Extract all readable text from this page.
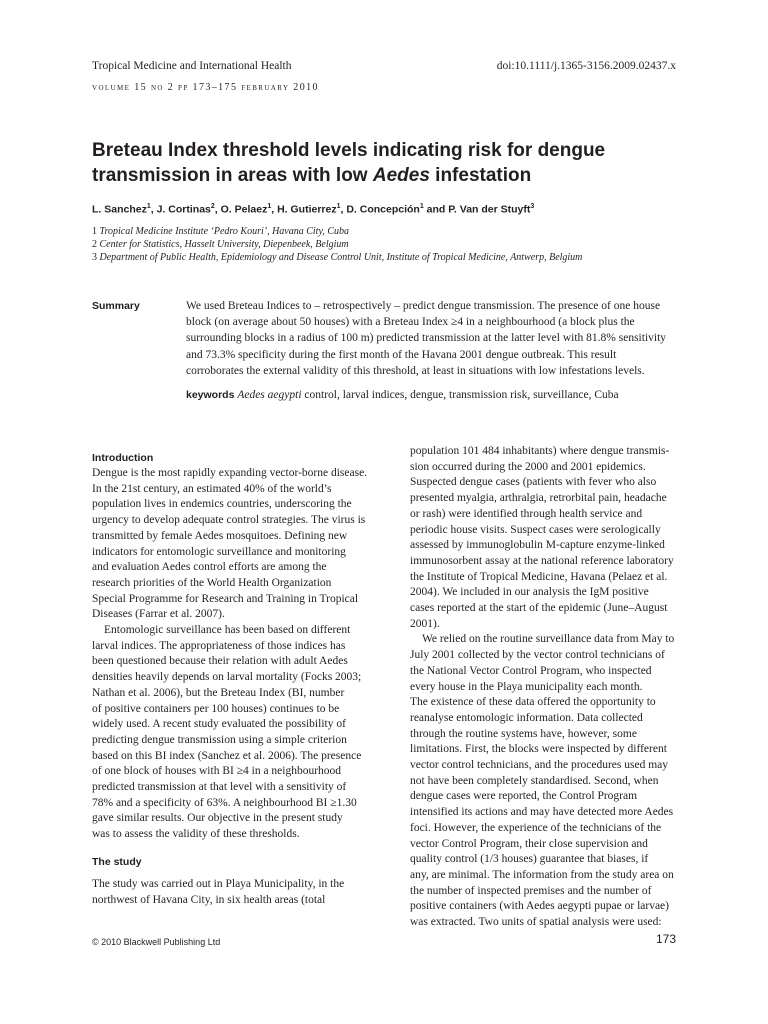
Tropical Medicine and International Health	doi:10.1111/j.1365-3156.2009.02437.x
volume 15 no 2 pp 173–175 february 2010
Breteau Index threshold levels indicating risk for dengue
transmission in areas with low Aedes infestation
L. Sanchez$^1$, J. Cortinas$^2$, O. Pelaez$^1$, H. Gutierrez$^1$, D. Concepción$^1$ and P. Van der Stuyft$^3$
1 Tropical Medicine Institute ‘Pedro Kouri’, Havana City, Cuba
2 Center for Statistics, Hasselt University, Diepenbeek, Belgium
3 Department of Public Health, Epidemiology and Disease Control Unit, Institute of Tropical Medicine, Antwerp, Belgium
Summary	We used Breteau Indices to – retrospectively – predict dengue transmission. The presence of one house
block (on average about 50 houses) with a Breteau Index ≥4 in a neighbourhood (a block plus the
surrounding blocks in a radius of 100 m) predicted transmission at the latter level with 81.8% sensitivity
and 73.3% specificity during the first month of the Havana 2001 dengue outbreak. This result
corroborates the external validity of this threshold, at least in situations with low infestations levels.
keywords Aedes aegypti control, larval indices, dengue, transmission risk, surveillance, Cuba
Introduction
Dengue is the most rapidly expanding vector-borne disease.
In the 21st century, an estimated 40% of the world’s
population lives in endemics countries, underscoring the
urgency to develop adequate control strategies. The virus is
transmitted by female Aedes mosquitoes. Defining new
indicators for entomologic surveillance and monitoring
and evaluation Aedes control efforts are among the
research priorities of the World Health Organization
Special Programme for Research and Training in Tropical
Diseases (Farrar et al. 2007).
Entomologic surveillance has been based on different
larval indices. The appropriateness of those indices has
been questioned because their relation with adult Aedes
densities heavily depends on larval mortality (Focks 2003;
Nathan et al. 2006), but the Breteau Index (BI, number
of positive containers per 100 houses) continues to be
widely used. A recent study evaluated the possibility of
predicting dengue transmission using a simple criterion
based on this BI index (Sanchez et al. 2006). The presence
of one block of houses with BI ≥4 in a neighbourhood
predicted transmission at that level with a sensitivity of
78% and a specificity of 63%. A neighbourhood BI ≥1.30
gave similar results. Our objective in the present study
was to assess the validity of these thresholds.
The study
The study was carried out in Playa Municipality, in the
northwest of Havana City, in six health areas (total
population 101 484 inhabitants) where dengue transmis-
sion occurred during the 2000 and 2001 epidemics.
Suspected dengue cases (patients with fever who also
presented myalgia, arthralgia, retrorbital pain, headache
or rash) were identified through health service and
periodic house visits. Suspect cases were serologically
assessed by immunoglobulin M-capture enzyme-linked
immunosorbent assay at the national reference laboratory
the Institute of Tropical Medicine, Havana (Pelaez et al.
2004). We included in our analysis the IgM positive
cases reported at the start of the epidemic (June–August
2001).
We relied on the routine surveillance data from May to
July 2001 collected by the vector control technicians of
the National Vector Control Program, who inspected
every house in the Playa municipality each month.
The existence of these data offered the opportunity to
reanalyse entomologic information. Data collected
through the routine systems have, however, some
limitations. First, the blocks were inspected by different
vector control technicians, and the procedures used may
not have been completely standardised. Second, when
dengue cases were reported, the Control Program
intensified its actions and may have detected more Aedes
foci. However, the experience of the technicians of the
vector Control Program, their close supervision and
quality control (1/3 houses) guarantee that biases, if
any, are minimal. The information from the study area on
the number of inspected premises and the number of
positive containers (with Aedes aegypti pupae or larvae)
was extracted. Two units of spatial analysis were used:
© 2010 Blackwell Publishing Ltd	173
